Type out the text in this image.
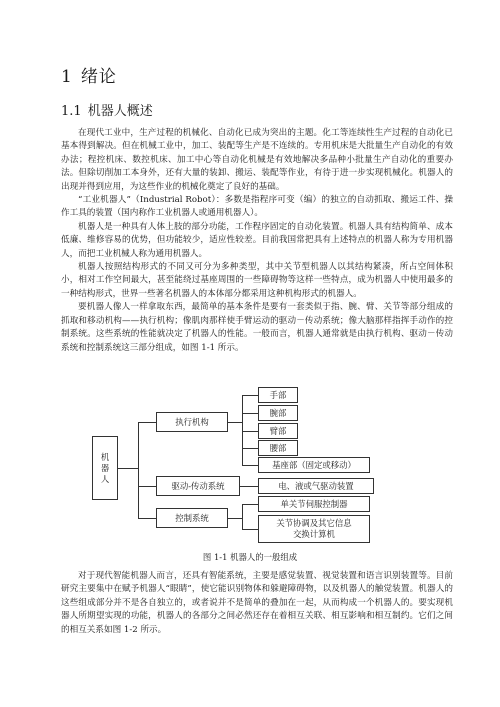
1 绪论
1.1 机器人概述

在现代工业中，生产过程的机械化、自动化已成为突出的主题。化工等连续性生产过程的自动化已基本得到解决。但在机械工业中，加工、装配等生产是不连续的。专用机床是大批量生产自动化的有效办法；程控机床、数控机床、加工中心等自动化机械是有效地解决多品种小批量生产自动化的重要办法。但除切削加工本身外，还有大量的装卸、搬运、装配等作业，有待于进一步实现机械化。机器人的出现并得到应用，为这些作业的机械化奠定了良好的基础。

“工业机器人”（Industrial Robot）：多数是指程序可变（编）的独立的自动抓取、搬运工件、操作工具的装置（国内称作工业机器人或通用机器人）。

机器人是一种具有人体上肢的部分功能，工作程序固定的自动化装置。机器人具有结构简单、成本低廉、维修容易的优势，但功能较少，适应性较差。目前我国常把具有上述特点的机器人称为专用机器人，而把工业机械人称为通用机器人。

机器人按照结构形式的不同又可分为多种类型，其中关节型机器人以其结构紧凑，所占空间体积小，相对工作空间最大，甚至能绕过基座周围的一些障碍物等这样一些特点，成为机器人中使用最多的一种结构形式，世界一些著名机器人的本体部分都采用这种机构形式的机器人。

要机器人像人一样拿取东西，最简单的基本条件是要有一套类似于指、腕、臂、关节等部分组成的抓取和移动机构——执行机构；像肌肉那样使手臂运动的驱动－传动系统；像大脑那样指挥手动作的控制系统。这些系统的性能就决定了机器人的性能。一般而言，机器人通常就是由执行机构、驱动－传动系统和控制系统这三部分组成，如图 1-1 所示。

机
器
人
执行机构
驱动-传动系统
控制系统
手部
腕部
臂部
腰部
基座部（固定或移动）
电、液或气驱动装置
单关节伺服控制器
关节协调及其它信息交换计算机
图 1-1 机器人的一般组成

对于现代智能机器人而言，还具有智能系统，主要是感觉装置、视觉装置和语言识别装置等。目前研究主要集中在赋予机器人“眼睛”，使它能识别物体和躲避障碍物，以及机器人的触觉装置。机器人的这些组成部分并不是各自独立的，或者说并不是简单的叠加在一起，从而构成一个机器人的。要实现机器人所期望实现的功能，机器人的各部分之间必然还存在着相互关联、相互影响和相互制约。它们之间的相互关系如图 1-2 所示。
